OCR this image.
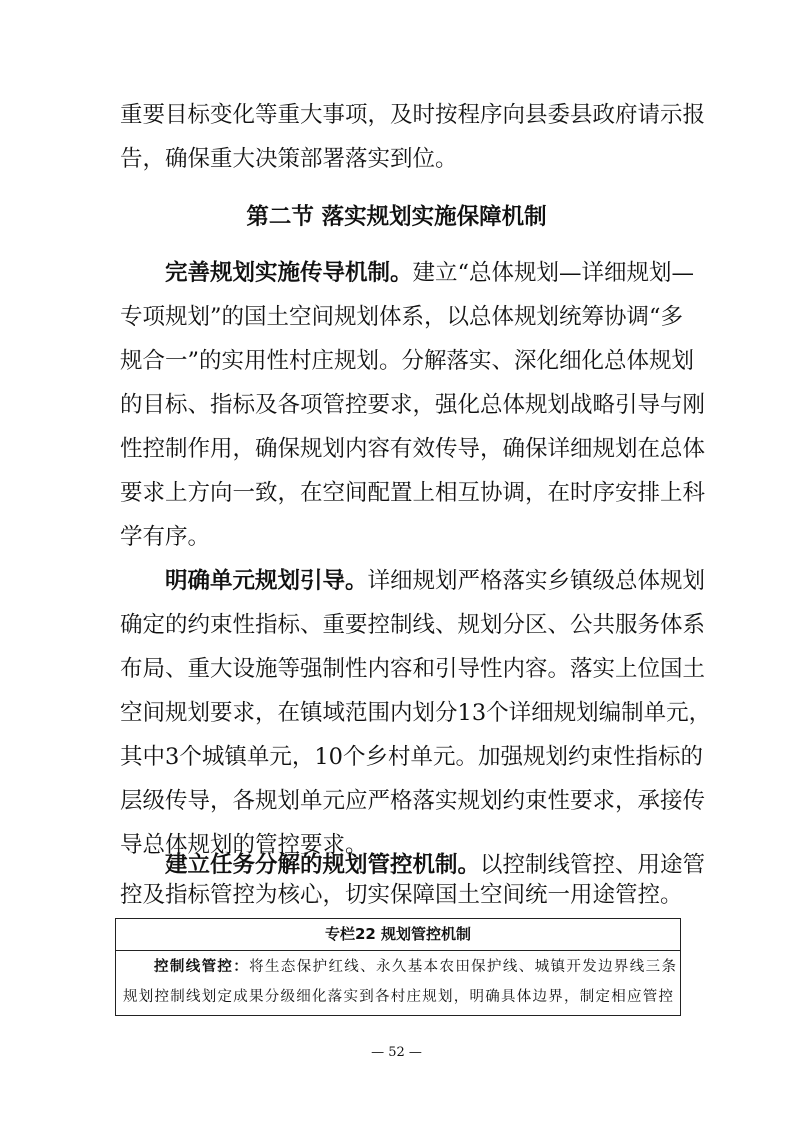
重要目标变化等重大事项，及时按程序向县委县政府请示报
告，确保重大决策部署落实到位。
第二节 落实规划实施保障机制
完善规划实施传导机制。建立“总体规划—详细规划—
专项规划”的国土空间规划体系，以总体规划统筹协调“多
规合一”的实用性村庄规划。分解落实、深化细化总体规划
的目标、指标及各项管控要求，强化总体规划战略引导与刚
性控制作用，确保规划内容有效传导，确保详细规划在总体
要求上方向一致，在空间配置上相互协调，在时序安排上科
学有序。
明确单元规划引导。详细规划严格落实乡镇级总体规划
确定的约束性指标、重要控制线、规划分区、公共服务体系
布局、重大设施等强制性内容和引导性内容。落实上位国土
空间规划要求，在镇域范围内划分13个详细规划编制单元，
其中3个城镇单元，10个乡村单元。加强规划约束性指标的
层级传导，各规划单元应严格落实规划约束性要求，承接传
导总体规划的管控要求。
建立任务分解的规划管控机制。以控制线管控、用途管
控及指标管控为核心，切实保障国土空间统一用途管控。
专栏22 规划管控机制
控制线管控：将生态保护红线、永久基本农田保护线、城镇开发边界线三条
规划控制线划定成果分级细化落实到各村庄规划，明确具体边界，制定相应管控
— 52 —
